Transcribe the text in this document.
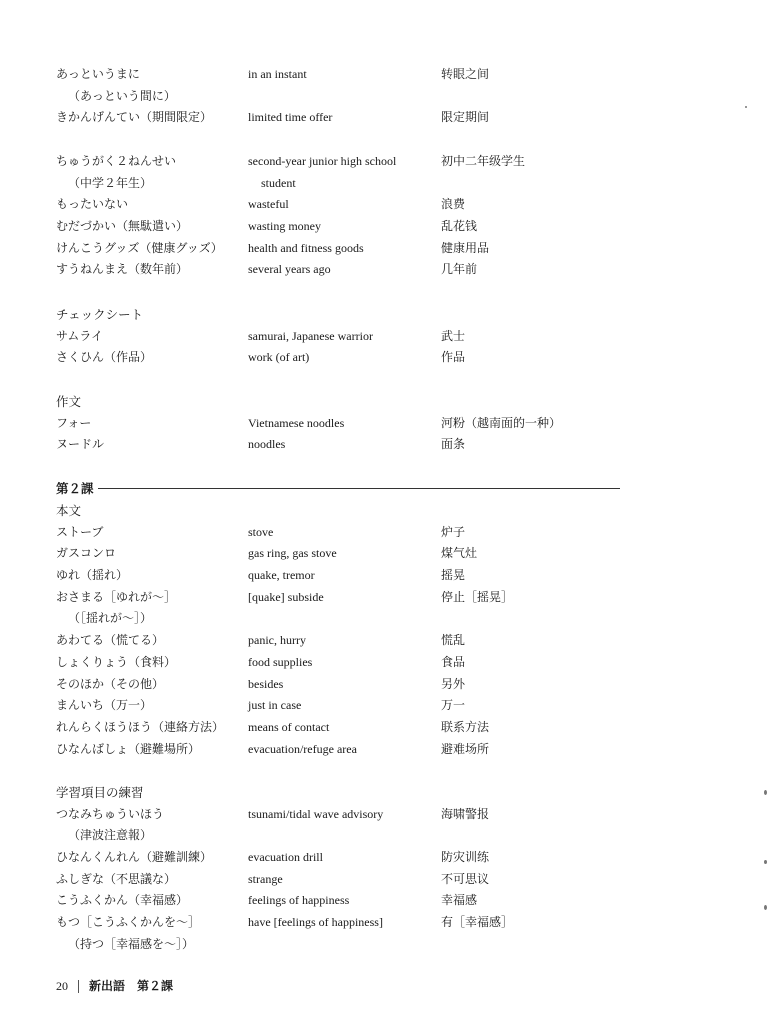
あっというまに	in an instant	转眼之间
（あっという間に）
きかんげんてい（期間限定）	limited time offer	限定期间
ちゅうがく２ねんせい	second-year junior high school	初中二年级学生
（中学２年生）	student
もったいない	wasteful	浪费
むだづかい（無駄遣い）	wasting money	乱花钱
けんこうグッズ（健康グッズ） health and fitness goods	健康用品
すうねんまえ（数年前）	several years ago	几年前
チェックシート
サムライ	samurai, Japanese warrior	武士
さくひん（作品）	work (of art)	作品
作文
フォー	Vietnamese noodles	河粉（越南面的一种）
ヌードル	noodles	面条
第２課
本文
ストーブ	stove	炉子
ガスコンロ	gas ring, gas stove	煤气灶
ゆれ（揺れ）	quake, tremor	摇晃
おさまる［ゆれが〜］	[quake] subside	停止［摇晃］
（［揺れが〜］）
あわてる（慌てる）	panic, hurry	慌乱
しょくりょう（食料）	food supplies	食品
そのほか（その他）	besides	另外
まんいち（万一）	just in case	万一
れんらくほうほう（連絡方法） means of contact	联系方法
ひなんばしょ（避難場所）	evacuation/refuge area	避难场所
学習項目の練習
つなみちゅういほう	tsunami/tidal wave advisory	海啸警报
（津波注意報）
ひなんくんれん（避難訓練）	evacuation drill	防灾训练
ふしぎな（不思議な）	strange	不可思议
こうふくかん（幸福感）	feelings of happiness	幸福感
もつ［こうふくかんを〜］	have [feelings of happiness]	有［幸福感］
（持つ［幸福感を〜］）
20 新出語　第２課
